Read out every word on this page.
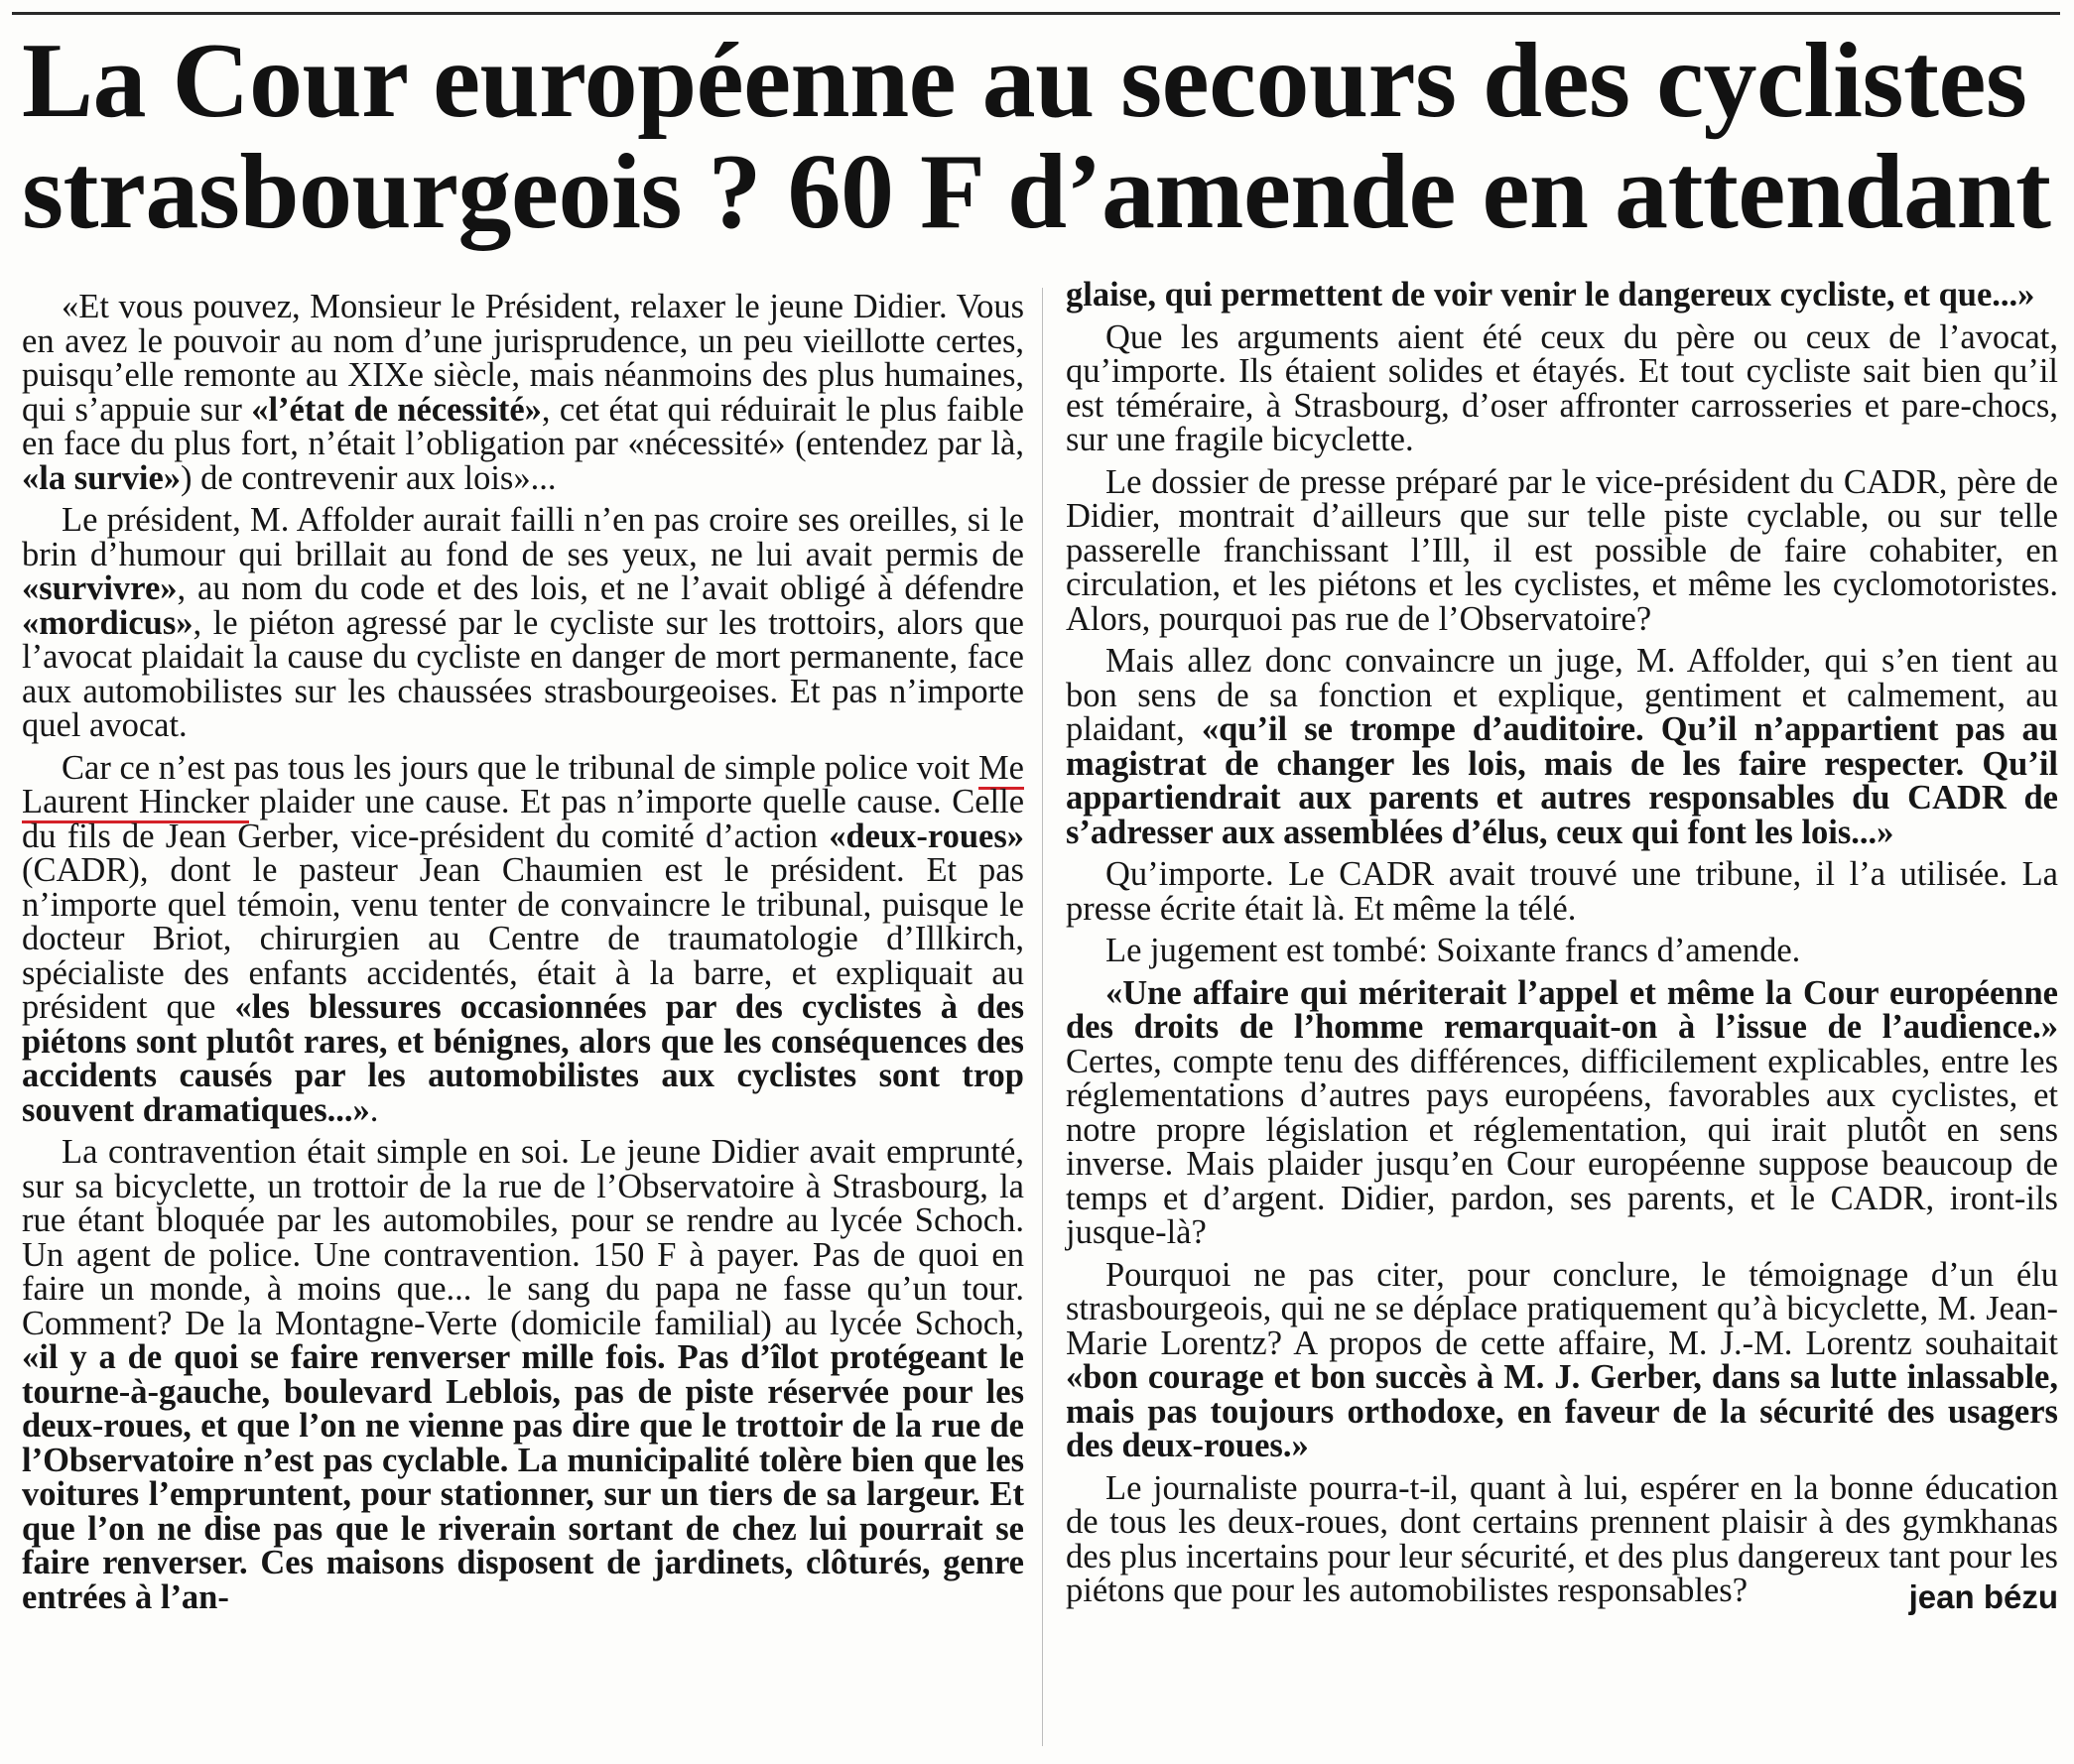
La Cour européenne au secours des cyclistes
strasbourgeois ? 60 F d’amende en attendant

«Et vous pouvez, Monsieur le Président, relaxer le jeune Didier. Vous en avez le pouvoir au nom d’une jurisprudence, un peu vieillotte certes, puisqu’elle remonte au XIXe siècle, mais néanmoins des plus humaines, qui s’appuie sur «l’état de nécessité», cet état qui réduirait le plus faible en face du plus fort, n’était l’obligation par «nécessité» (entendez par là, «la survie») de contrevenir aux lois»...

Le président, M. Affolder aurait failli n’en pas croire ses oreilles, si le brin d’humour qui brillait au fond de ses yeux, ne lui avait permis de «survivre», au nom du code et des lois, et ne l’avait obligé à défendre «mordicus», le piéton agressé par le cycliste sur les trottoirs, alors que l’avocat plaidait la cause du cycliste en danger de mort permanente, face aux automobilistes sur les chaussées strasbourgeoises. Et pas n’importe quel avocat.

Car ce n’est pas tous les jours que le tribunal de simple police voit Me Laurent Hincker plaider une cause. Et pas n’importe quelle cause. Celle du fils de Jean Gerber, vice-président du comité d’action «deux-roues» (CADR), dont le pasteur Jean Chaumien est le président. Et pas n’importe quel témoin, venu tenter de convaincre le tribunal, puisque le docteur Briot, chirurgien au Centre de traumatologie d’Illkirch, spécialiste des enfants accidentés, était à la barre, et expliquait au président que «les blessures occasionnées par des cyclistes à des piétons sont plutôt rares, et bénignes, alors que les conséquences des accidents causés par les automobilistes aux cyclistes sont trop souvent dramatiques...».

La contravention était simple en soi. Le jeune Didier avait emprunté, sur sa bicyclette, un trottoir de la rue de l’Observatoire à Strasbourg, la rue étant bloquée par les automobiles, pour se rendre au lycée Schoch. Un agent de police. Une contravention. 150 F à payer. Pas de quoi en faire un monde, à moins que... le sang du papa ne fasse qu’un tour. Comment? De la Montagne-Verte (domicile familial) au lycée Schoch, «il y a de quoi se faire renverser mille fois. Pas d’îlot protégeant le tourne-à-gauche, boulevard Leblois, pas de piste réservée pour les deux-roues, et que l’on ne vienne pas dire que le trottoir de la rue de l’Observatoire n’est pas cyclable. La municipalité tolère bien que les voitures l’empruntent, pour stationner, sur un tiers de sa largeur. Et que l’on ne dise pas que le riverain sortant de chez lui pourrait se faire renverser. Ces maisons disposent de jardinets, clôturés, genre entrées à l’an-

glaise, qui permettent de voir venir le dangereux cycliste, et que...»

Que les arguments aient été ceux du père ou ceux de l’avocat, qu’importe. Ils étaient solides et étayés. Et tout cycliste sait bien qu’il est téméraire, à Strasbourg, d’oser affronter carrosseries et pare-chocs, sur une fragile bicyclette.

Le dossier de presse préparé par le vice-président du CADR, père de Didier, montrait d’ailleurs que sur telle piste cyclable, ou sur telle passerelle franchissant l’Ill, il est possible de faire cohabiter, en circulation, et les piétons et les cyclistes, et même les cyclomotoristes. Alors, pourquoi pas rue de l’Observatoire?

Mais allez donc convaincre un juge, M. Affolder, qui s’en tient au bon sens de sa fonction et explique, gentiment et calmement, au plaidant, «qu’il se trompe d’auditoire. Qu’il n’appartient pas au magistrat de changer les lois, mais de les faire respecter. Qu’il appartiendrait aux parents et autres responsables du CADR de s’adresser aux assemblées d’élus, ceux qui font les lois...»

Qu’importe. Le CADR avait trouvé une tribune, il l’a utilisée. La presse écrite était là. Et même la télé.

Le jugement est tombé: Soixante francs d’amende.

«Une affaire qui mériterait l’appel et même la Cour européenne des droits de l’homme remarquait-on à l’issue de l’audience.» Certes, compte tenu des différences, difficilement explicables, entre les réglementations d’autres pays européens, favorables aux cyclistes, et notre propre législation et réglementation, qui irait plutôt en sens inverse. Mais plaider jusqu’en Cour européenne suppose beaucoup de temps et d’argent. Didier, pardon, ses parents, et le CADR, iront-ils jusque-là?

Pourquoi ne pas citer, pour conclure, le témoignage d’un élu strasbourgeois, qui ne se déplace pratiquement qu’à bicyclette, M. Jean-Marie Lorentz? A propos de cette affaire, M. J.-M. Lorentz souhaitait «bon courage et bon succès à M. J. Gerber, dans sa lutte inlassable, mais pas toujours orthodoxe, en faveur de la sécurité des usagers des deux-roues.»

Le journaliste pourra-t-il, quant à lui, espérer en la bonne éducation de tous les deux-roues, dont certains prennent plaisir à des gymkhanas des plus incertains pour leur sécurité, et des plus dangereux tant pour les piétons que pour les automobilistes responsables?	jean bézu
